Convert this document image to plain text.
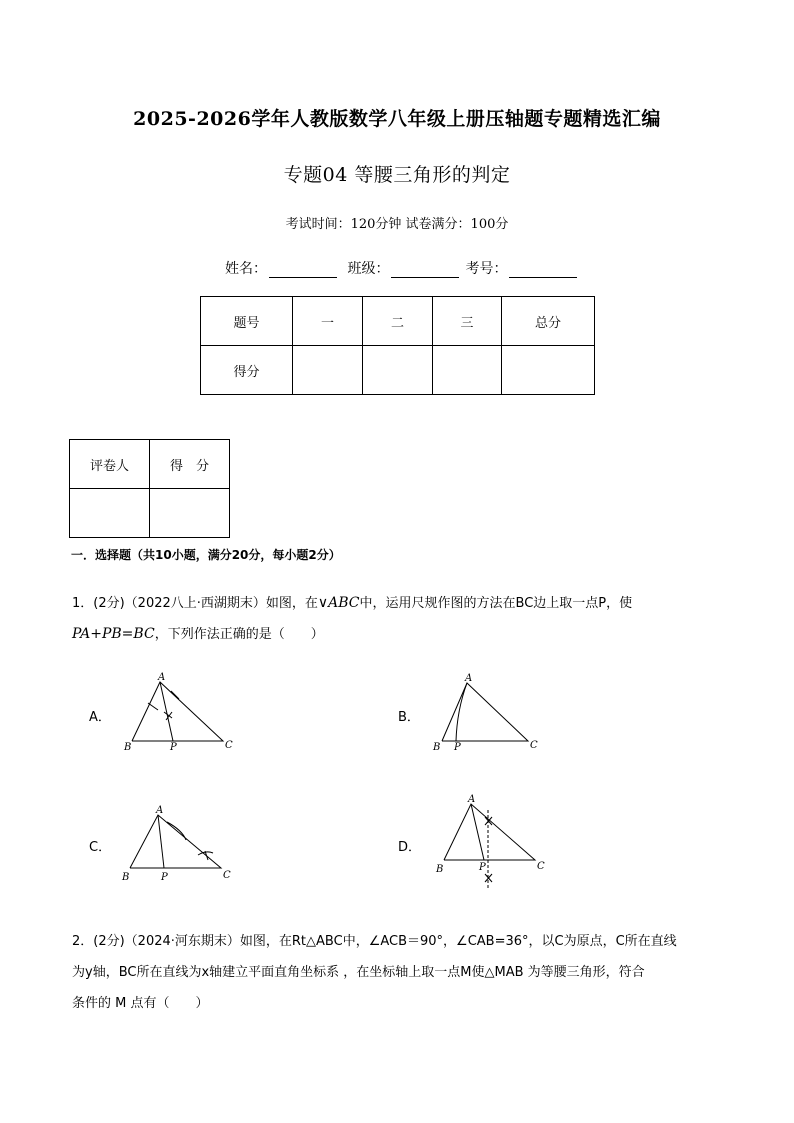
2025-2026学年人教版数学八年级上册压轴题专题精选汇编
专题04 等腰三角形的判定
考试时间：120分钟 试卷满分：100分
姓名：	班级：	考号：
题号	一	二	三	总分
得分				
评卷人	得　分

一．选择题（共10小题，满分20分，每小题2分）
1．(2分)（2022八上·西湖期末）如图，在∨ABC中，运用尺规作图的方法在BC边上取一点P，使
PA+PB=BC，下列作法正确的是（　　）
A．
A
B	P	C
B．
A
B P	C
C．
A
B	P	C
D．
A
B	P	C
2．(2分)（2024·河东期末）如图，在Rt△ABC中，∠ACB＝90°，∠CAB=36°，以C为原点，C所在直线
为y轴，BC所在直线为x轴建立平面直角坐标系 ，在坐标轴上取一点M使△MAB 为等腰三角形，符合
条件的 M 点有（　　）
